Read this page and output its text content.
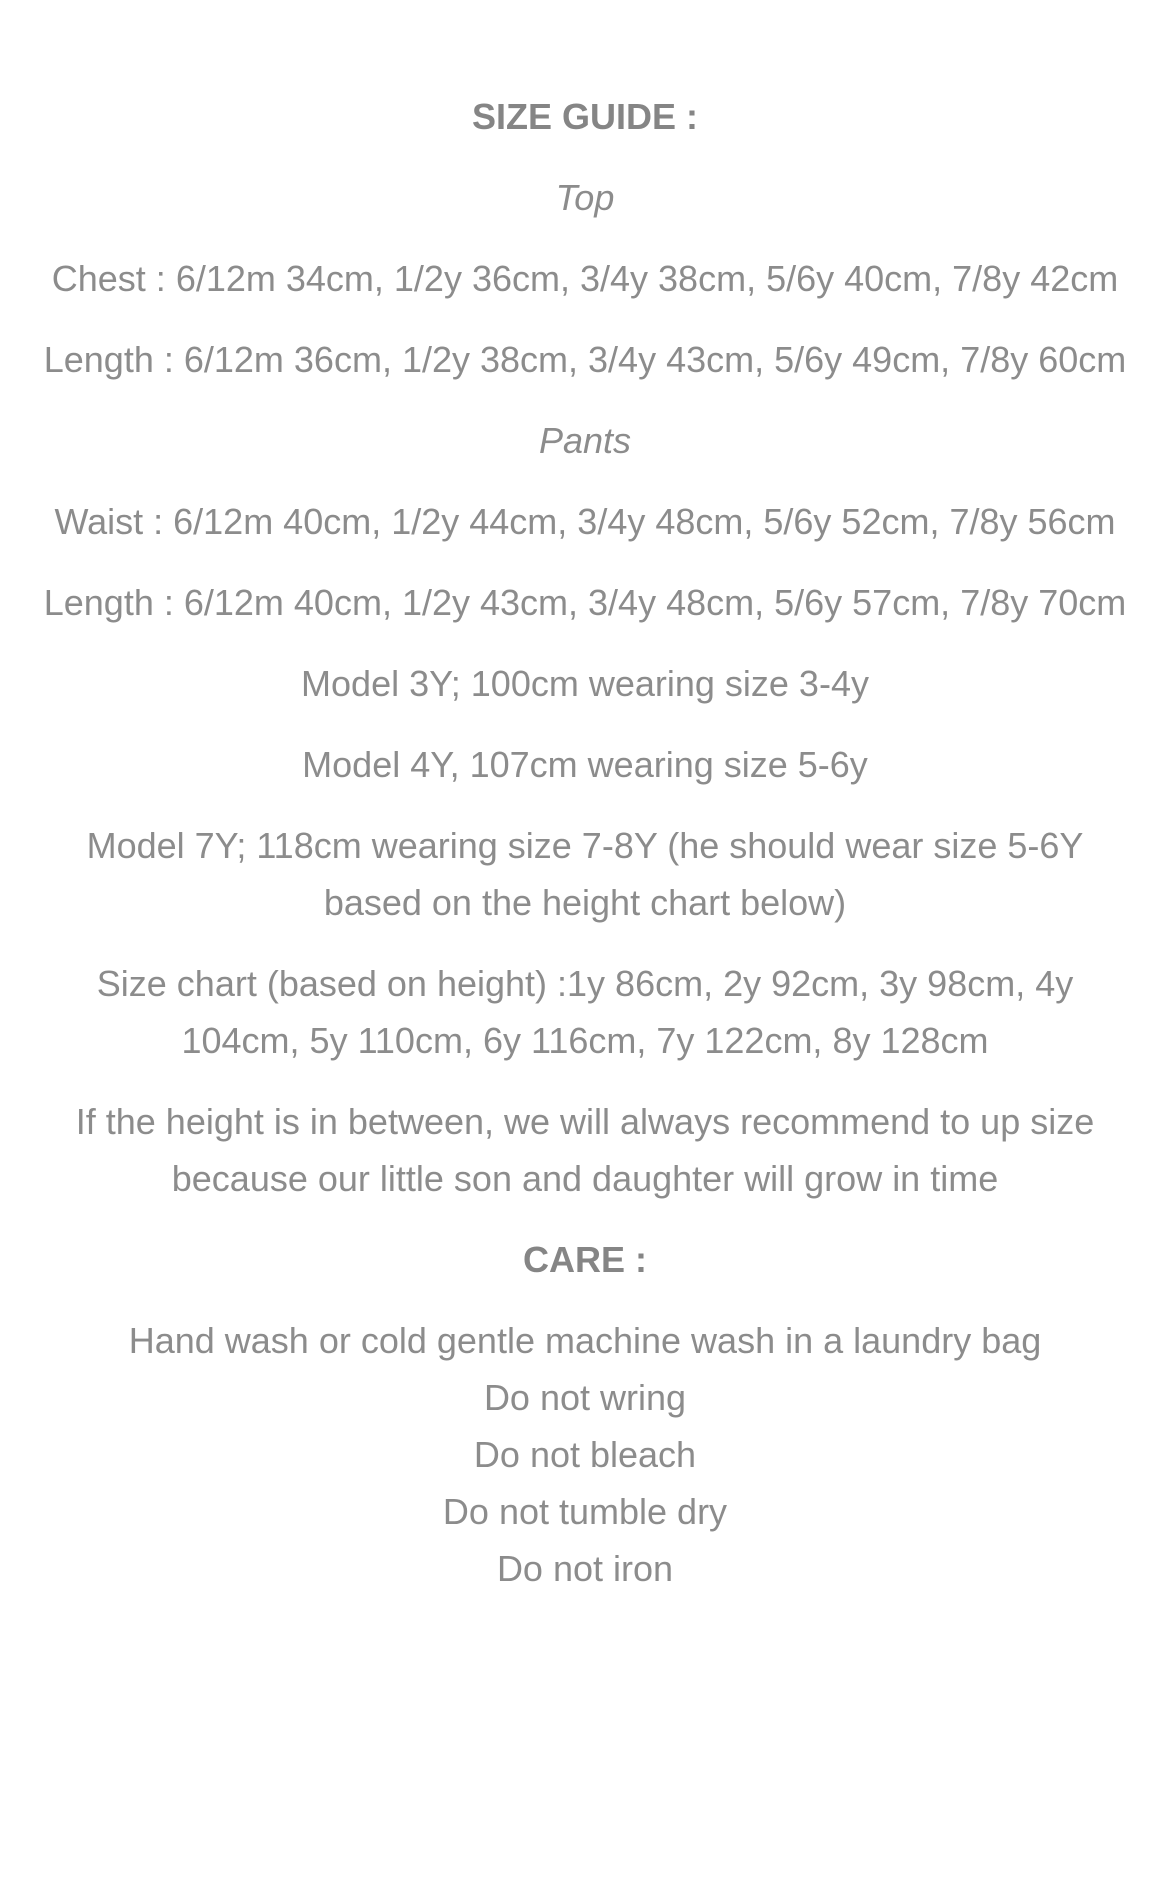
SIZE GUIDE :
Top
Chest : 6/12m 34cm, 1/2y 36cm, 3/4y 38cm, 5/6y 40cm, 7/8y 42cm
Length : 6/12m 36cm, 1/2y 38cm, 3/4y 43cm, 5/6y 49cm, 7/8y 60cm
Pants
Waist : 6/12m 40cm, 1/2y 44cm, 3/4y 48cm, 5/6y 52cm, 7/8y 56cm
Length : 6/12m 40cm, 1/2y 43cm, 3/4y 48cm, 5/6y 57cm, 7/8y 70cm
Model 3Y; 100cm wearing size 3-4y
Model 4Y, 107cm wearing size 5-6y
Model 7Y; 118cm wearing size 7-8Y (he should wear size 5-6Y based on the height chart below)
Size chart (based on height) :1y 86cm, 2y 92cm, 3y 98cm, 4y 104cm, 5y 110cm, 6y 116cm, 7y 122cm, 8y 128cm
If the height is in between, we will always recommend to up size because our little son and daughter will grow in time
CARE :
Hand wash or cold gentle machine wash in a laundry bag
Do not wring
Do not bleach
Do not tumble dry
Do not iron
